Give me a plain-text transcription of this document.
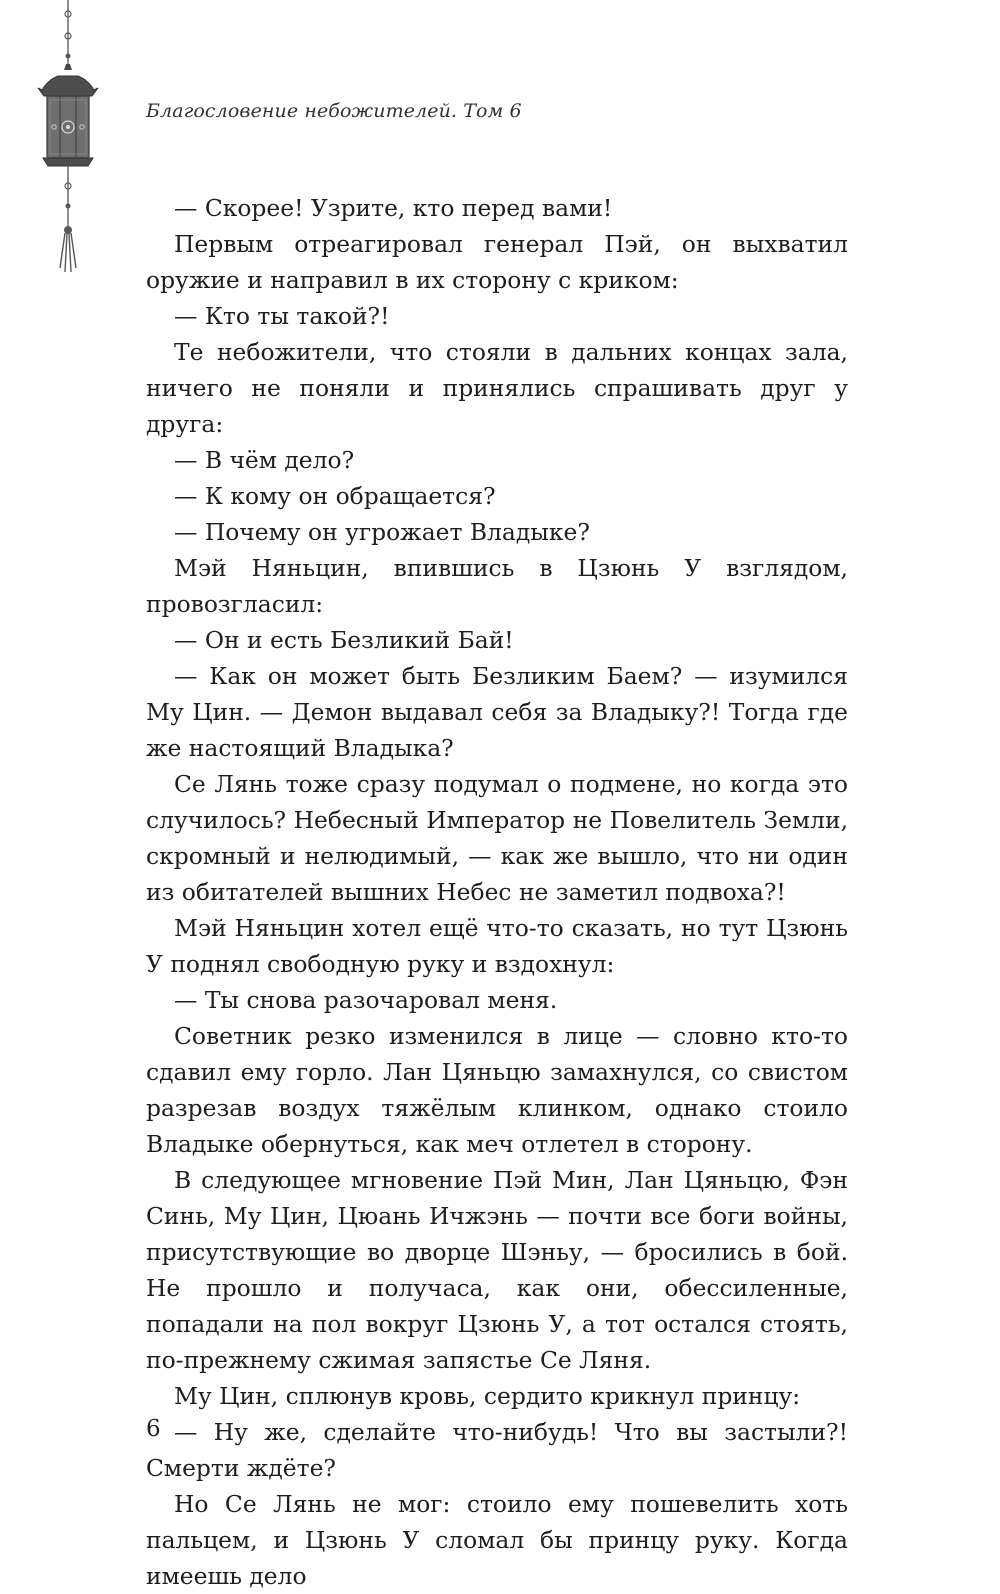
Благословение небожителей. Том 6

— Скорее! Узрите, кто перед вами!

Первым отреагировал генерал Пэй, он выхватил оружие и направил в их сторону с криком:

— Кто ты такой?!

Те небожители, что стояли в дальних концах зала, ничего не поняли и принялись спрашивать друг у друга:

— В чём дело?

— К кому он обращается?

— Почему он угрожает Владыке?

Мэй Няньцин, впившись в Цзюнь У взглядом, провозгласил:

— Он и есть Безликий Бай!

— Как он может быть Безликим Баем? — изумился Му Цин. — Демон выдавал себя за Владыку?! Тогда где же настоящий Владыка?

Се Лянь тоже сразу подумал о подмене, но когда это случилось? Небесный Император не Повелитель Земли, скромный и нелюдимый, — как же вышло, что ни один из обитателей вышних Небес не заметил подвоха?!

Мэй Няньцин хотел ещё что-то сказать, но тут Цзюнь У поднял свободную руку и вздохнул:

— Ты снова разочаровал меня.

Советник резко изменился в лице — словно кто-то сдавил ему горло. Лан Цяньцю замахнулся, со свистом разрезав воздух тяжёлым клинком, однако стоило Владыке обернуться, как меч отлетел в сторону.

В следующее мгновение Пэй Мин, Лан Цяньцю, Фэн Синь, Му Цин, Цюань Ичжэнь — почти все боги войны, присутствующие во дворце Шэньу, — бросились в бой. Не прошло и получаса, как они, обессиленные, попадали на пол вокруг Цзюнь У, а тот остался стоять, по-прежнему сжимая запястье Се Ляня.

Му Цин, сплюнув кровь, сердито крикнул принцу:

— Ну же, сделайте что-нибудь! Что вы застыли?! Смерти ждёте?

Но Се Лянь не мог: стоило ему пошевелить хоть пальцем, и Цзюнь У сломал бы принцу руку. Когда имеешь дело

6
